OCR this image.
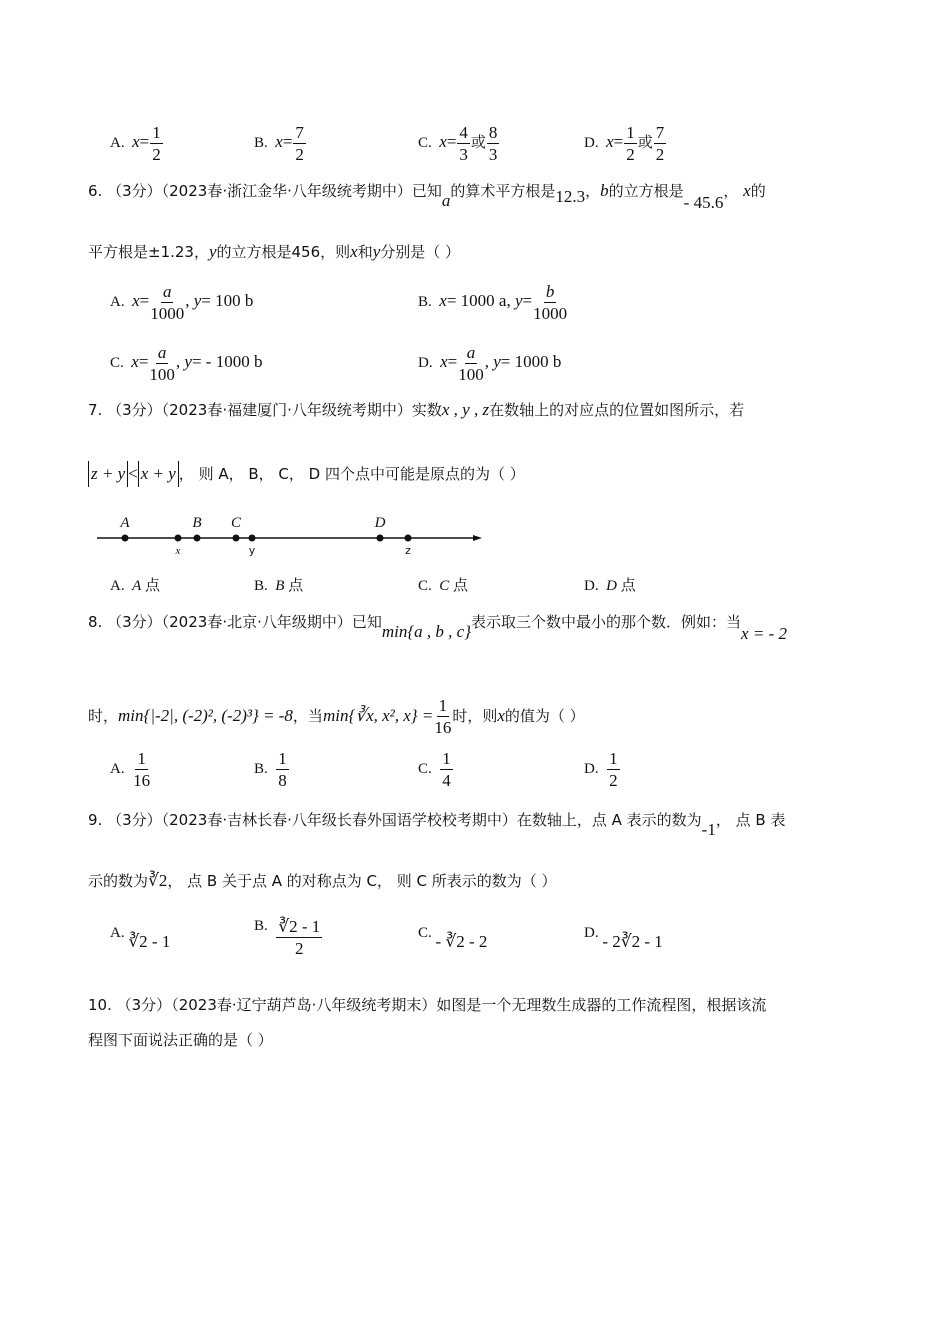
A. $x= \frac{1}{2}$	B. $x= \frac{7}{2}$	C. $x= \frac{4}{3}$ 或 $\frac{8}{3}$	D. $x= \frac{1}{2}$ 或 $\frac{7}{2}$
6. （3分）（2023春·浙江金华·八年级统考期中）已知a的算术平方根是12.3，b的立方根是- 45.6， x的
平方根是±1.23，y的立方根是456，则x和y分别是（ ）
A. $x= \frac{a}{1000}$ , y= 100 b	B. x= 1000 a, $y= \frac{b}{1000}$
C. $x= \frac{a}{100}$ , y= - 1000 b	D. $x= \frac{a}{100}$ , y= 1000 b
7. （3分）（2023春·福建厦门·八年级统考期中）实数x , y , z在数轴上的对应点的位置如图所示，若
z + y < x + y ， 则 A， B， C， D 四个点中可能是原点的为（ ）
A
x
B C
y
D
z
A. A 点	B. B 点	C. C 点	D. D 点
8. （3分）（2023春·北京·八年级期中）已知min{a , b , c}表示取三个数中最小的那个数．例如：当x = - 2
时，min{|-2|, (-2)², (-2)³} = -8，当min{∛x, x², $x\} = \frac{1}{16}$ 时，则x的值为（ ）
A. $\frac{1}{16}$	B. $\frac{1}{8}$	C. $\frac{1}{4}$	D. $\frac{1}{2}$
9. （3分）（2023春·吉林长春·八年级长春外国语学校校考期中）在数轴上，点 A 表示的数为-1， 点 B 表
示的数为∛2， 点 B 关于点 A 的对称点为 C， 则 C 所表示的数为（ ）
A. ∛2 - 1
B. $\frac{∛2 - 1}{2}$	C. - ∛2 - 2	D. - 2∛2 - 1
10. （3分）（2023春·辽宁葫芦岛·八年级统考期末）如图是一个无理数生成器的工作流程图，根据该流
程图下面说法正确的是（ ）
